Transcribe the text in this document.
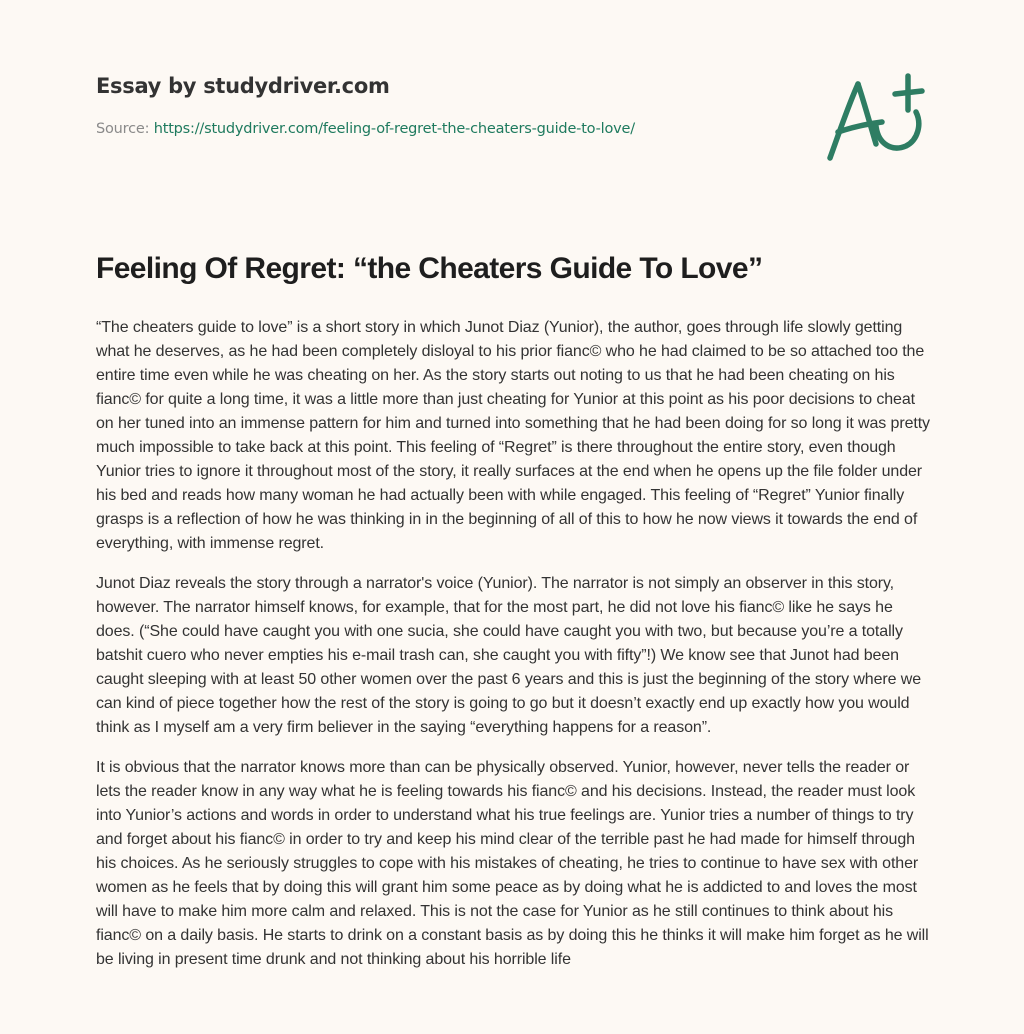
Essay by studydriver.com
Source: https://studydriver.com/feeling-of-regret-the-cheaters-guide-to-love/
Feeling Of Regret: “the Cheaters Guide To Love”

“The cheaters guide to love” is a short story in which Junot Diaz (Yunior), the author, goes through life slowly getting what he deserves, as he had been completely disloyal to his prior fianc© who he had claimed to be so attached too the entire time even while he was cheating on her. As the story starts out noting to us that he had been cheating on his fianc© for quite a long time, it was a little more than just cheating for Yunior at this point as his poor decisions to cheat on her tuned into an immense pattern for him and turned into something that he had been doing for so long it was pretty much impossible to take back at this point. This feeling of “Regret” is there throughout the entire story, even though Yunior tries to ignore it throughout most of the story, it really surfaces at the end when he opens up the file folder under his bed and reads how many woman he had actually been with while engaged. This feeling of “Regret” Yunior finally grasps is a reflection of how he was thinking in in the beginning of all of this to how he now views it towards the end of everything, with immense regret.

Junot Diaz reveals the story through a narrator's voice (Yunior). The narrator is not simply an observer in this story, however. The narrator himself knows, for example, that for the most part, he did not love his fianc© like he says he does. (“She could have caught you with one sucia, she could have caught you with two, but because you’re a totally batshit cuero who never empties his e-mail trash can, she caught you with fifty”!) We know see that Junot had been caught sleeping with at least 50 other women over the past 6 years and this is just the beginning of the story where we can kind of piece together how the rest of the story is going to go but it doesn’t exactly end up exactly how you would think as I myself am a very firm believer in the saying “everything happens for a reason”.

It is obvious that the narrator knows more than can be physically observed. Yunior, however, never tells the reader or lets the reader know in any way what he is feeling towards his fianc© and his decisions. Instead, the reader must look into Yunior’s actions and words in order to understand what his true feelings are. Yunior tries a number of things to try and forget about his fianc© in order to try and keep his mind clear of the terrible past he had made for himself through his choices. As he seriously struggles to cope with his mistakes of cheating, he tries to continue to have sex with other women as he feels that by doing this will grant him some peace as by doing what he is addicted to and loves the most will have to make him more calm and relaxed. This is not the case for Yunior as he still continues to think about his fianc© on a daily basis. He starts to drink on a constant basis as by doing this he thinks it will make him forget as he will be living in present time drunk and not thinking about his horrible life
